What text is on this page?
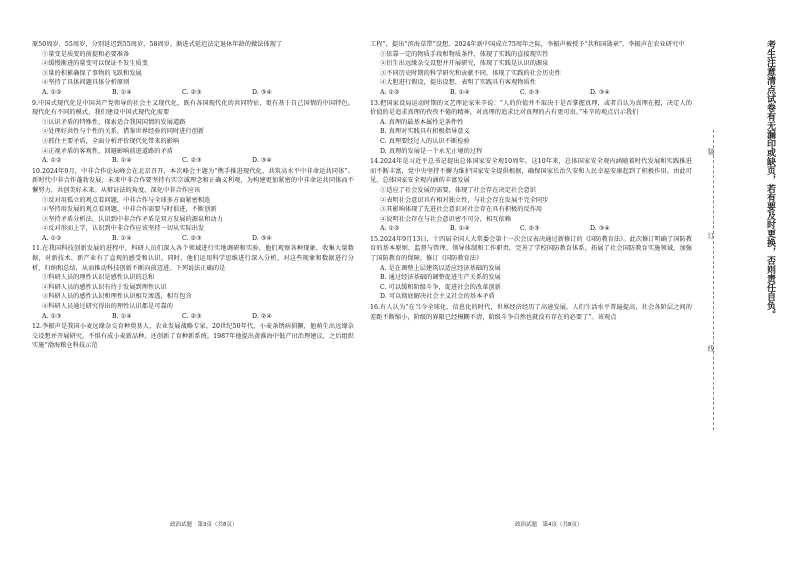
原50周岁、55周岁，分别延迟到55周岁、58周岁。渐进式延迟法定退休年龄的做法体现了

①量变是质变的前提和必要准备

②缓慢渐进的量变可以保证不发生质变

③量的积累确保了事物的飞跃和发展

④坚持了具体问题具体分析原则

A. ①②	B. ①④	C. ②③	D. ③④

9.中国式现代化是中国共产党领导的社会主义现代化，既有各国现代化的共同特征，更有基于自己国情的中国特色。现代化有不同的模式，我们建设中国式现代化需要

①认识矛盾的特殊性，探索适合我国国情的发展道路

②处理好共性与个性的关系，借鉴世界经验的同时进行创新

③抓住主要矛盾，全面分析评价现代化带来的影响

④正视矛盾的客观性，回避影响前进道路的矛盾

A. ①②	B. ①④	C. ②③	D. ③④

10.2024年9月，中非合作论坛峰会在北京召开，本次峰会主题为“携手推进现代化，共筑高水平中非命运共同体”。新时代中非合作蓬勃发展，未来中非合作要坚持有实宗诚理念和正确义利观，为构建更加紧密的中非命运共同体而不懈努力，共创美好未来。从辩证法的角度，深化中非合作应该

①反对用孤立的观点看问题，中非合作与全球多方面紧密相连

②坚持用发展的观点看问题，中非合作需要与时俱进，不断创新

③坚持矛盾分析法，认识到中非合作矛盾是双方发展的源泉和动力

④反对形而上学，认识到中非合作应该坚持一切从实际出发

A. ①②	B. ①④	C. ②③	D. ③④

11.在我国科技创新发展的进程中，科研人员们深入各个领域进行实地调研和实验。他们观察各种现象，收集大量数据，对新技术、新产业有了直观的感受和认识。同时，他们运用科学思维进行深入分析，对这些现象和数据进行分析、归纳和总结，从而推动科技创新不断向前迈进。下列说法正确的是

①科研人员的理性认识是感性认识的总和

②科研人员的感性认识有待于发展到理性认识

③科研人员的感性认识和理性认识相互渗透，相互包含

④科研人员通过研究得出的理性认识都是可靠的

A. ①③	B. ①④	C. ②③	D. ②④

12.李振声是我国小麦远缘杂交育种奠基人、农业发展战略专家。20世纪50年代，小麦条锈病猖獗，他萌生出远缘杂交设想并开展研究，不惧有成小麦新品种，还创新了育种新系统。1987年他提出黄淮海中低产田治理建议，之后组织实施“渤海粮仓科技示范

工程”，提出“滨海草带”设想。2024年新中国成立75周年之际，李振声被授予“共和国勋章”。李振声在农业研究中

①依靠一定的物质手段和物质条件，体现了实践的直接现实性

②衍生出远缘杂交设想并开展研究，体现了实践是认识的源泉

③不同历史时期的科学研究和贡献不同，体现了实践的社会历史性

④大胆进行假设，提出设想，表明了实践具有客观物质性

A. ①②	B. ①④	C. ②③	D. ③④

13.把国家设局运动时期的文艺理论家米辛说：“人的价值并不取决于是否掌握真理，或者自认为真理在握，决定人的价值的是追求真理的孜孜不倦的精神，对真理的追求比对真理的占有更可贵。”米辛的观点启示我们

A. 真理的最基本属性是条件性

B. 真理对实践具有积极指导意义

C. 真理要经过人的认识不断检验

D. 真理的发展是一个永无止境的过程

14.2024年是习近平总书记提出总体国家安全观10周年。这10年来，总体国家安全观内涵随着时代发展和实践推进而不断丰富，党中央坚持不懈为维护国家安全提供根据，确保国家长治久安和人民幸福安康起到了积极作用。由此可见，总体国家安全观内涵的丰富发展

①适应了社会发展的需要，体现了社会存在决定社会意识

②表明社会意识具有相对独立性，与社会存在发展不完全同步

③其影响体现了先进社会意识对社会存在具有积极的反作用

④说明社会存在与社会意识密不可分，相互依赖

A. ①②	B. ①④	C. ②③	D. ③④

15.2024年9月13日，十四届全国人大常委会第十一次会议表决通过新修订的《国防教育法》。此次修订明确了国防教育的基本原则、监督与管理、领导体制和工作职责，完善了学校国防教育体系，拓展了社会国防教育实施领域，加强了国防教育的保障。修订《国防教育法》

A. 是在调整上层建筑以适应经济基础的发展

B. 通过经济基础的调整促进生产关系的发展

C. 可以缓和阶级斗争，促进社会的改革创新

D. 可以彻底解决社会主义社会的基本矛盾

16.有人认为“在当今全球化、信息化的时代，世界经济经历了高速发展，人们生活水平普遍提高，社会各阶层之间的差距不断缩小，阶级的界限已经模糊不清，阶级斗争自然也就没有存在的必要了”。该观点

政治试题　第3页（共8页）	政治试题　第4页（共8页）
装
订
线
考生注意清点试卷有无漏印或缺页，若有要及时更换，否则责任自负。
